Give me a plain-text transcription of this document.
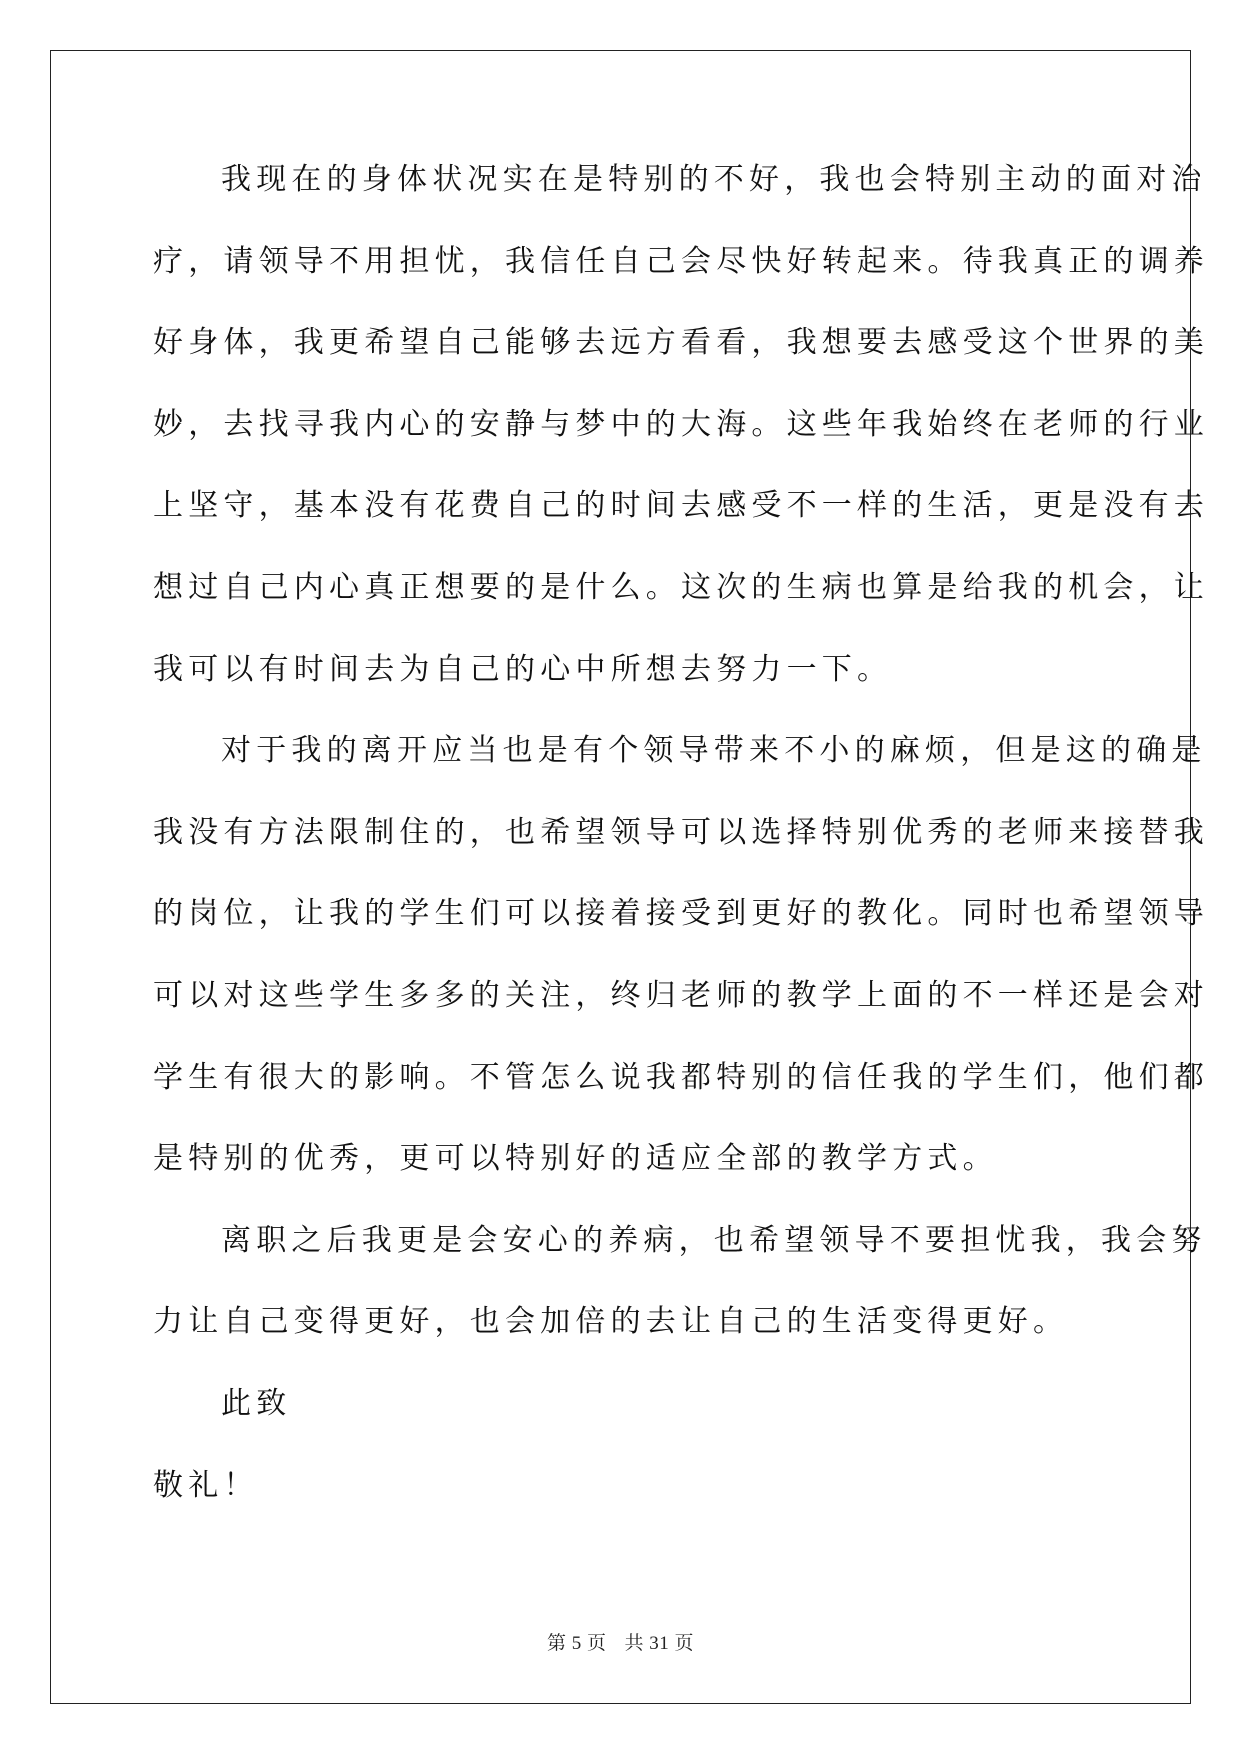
我现在的身体状况实在是特别的不好，我也会特别主动的面对治
疗，请领导不用担忧，我信任自己会尽快好转起来。待我真正的调养
好身体，我更希望自己能够去远方看看，我想要去感受这个世界的美
妙，去找寻我内心的安静与梦中的大海。这些年我始终在老师的行业
上坚守，基本没有花费自己的时间去感受不一样的生活，更是没有去
想过自己内心真正想要的是什么。这次的生病也算是给我的机会，让
我可以有时间去为自己的心中所想去努力一下。
对于我的离开应当也是有个领导带来不小的麻烦，但是这的确是
我没有方法限制住的，也希望领导可以选择特别优秀的老师来接替我
的岗位，让我的学生们可以接着接受到更好的教化。同时也希望领导
可以对这些学生多多的关注，终归老师的教学上面的不一样还是会对
学生有很大的影响。不管怎么说我都特别的信任我的学生们，他们都
是特别的优秀，更可以特别好的适应全部的教学方式。
离职之后我更是会安心的养病，也希望领导不要担忧我，我会努
力让自己变得更好，也会加倍的去让自己的生活变得更好。
此致
敬礼！
第 5 页 共 31 页
